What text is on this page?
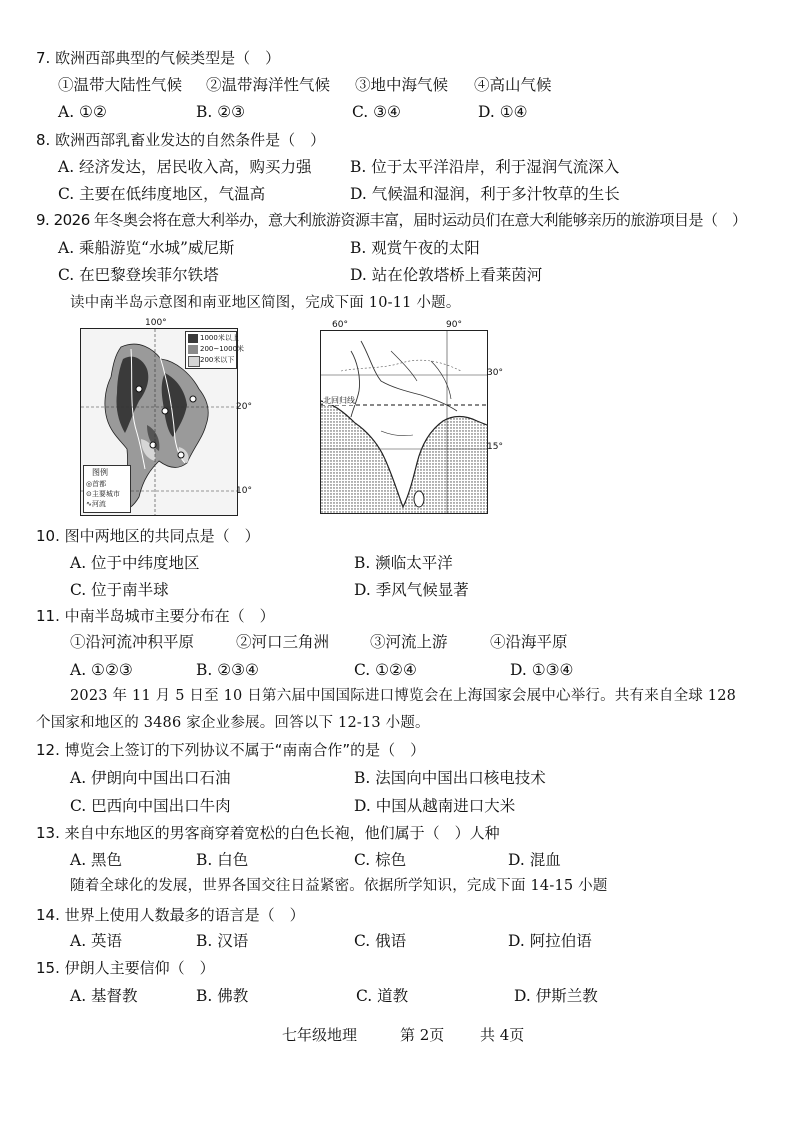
7. 欧洲西部典型的气候类型是（　）
①温带大陆性气候 ②温带海洋性气候 ③地中海气候 ④高山气候
A. ①②	B. ②③	C. ③④	D. ①④
8. 欧洲西部乳畜业发达的自然条件是（　）
A. 经济发达，居民收入高，购买力强 B. 位于太平洋沿岸，利于湿润气流深入
C. 主要在低纬度地区，气温高	D. 气候温和湿润，利于多汁牧草的生长
9. 2026 年冬奥会将在意大利举办，意大利旅游资源丰富，届时运动员们在意大利能够亲历的旅游项目是（　）
A. 乘船游览“水城”威尼斯	B. 观赏午夜的太阳
C. 在巴黎登埃菲尔铁塔	D. 站在伦敦塔桥上看莱茵河
读中南半岛示意图和南亚地区简图，完成下面 10-11 小题。
1000米以上
200~1000米
200米以下
图例
◎首都
⊙主要城市
∿河流
100°
20°
10°
北回归线
60°	90°
30°
15°
10. 图中两地区的共同点是（　）
A. 位于中纬度地区	B. 濒临太平洋
C. 位于南半球	D. 季风气候显著
11. 中南半岛城市主要分布在（　）
①沿河流冲积平原	②河口三角洲	③河流上游	④沿海平原
A. ①②③	B. ②③④	C. ①②④	D. ①③④
2023 年 11 月 5 日至 10 日第六届中国国际进口博览会在上海国家会展中心举行。共有来自全球 128
个国家和地区的 3486 家企业参展。回答以下 12-13 小题。
12. 博览会上签订的下列协议不属于“南南合作”的是（　）
A. 伊朗向中国出口石油	B. 法国向中国出口核电技术
C. 巴西向中国出口牛肉	D. 中国从越南进口大米
13. 来自中东地区的男客商穿着宽松的白色长袍，他们属于（　）人种
A. 黑色	B. 白色	C. 棕色	D. 混血
随着全球化的发展，世界各国交往日益紧密。依据所学知识，完成下面 14-15 小题
14. 世界上使用人数最多的语言是（　）
A. 英语	B. 汉语	C. 俄语	D. 阿拉伯语
15. 伊朗人主要信仰（　）
A. 基督教	B. 佛教	C. 道教	D. 伊斯兰教
七年级地理	第 2页 共 4页
